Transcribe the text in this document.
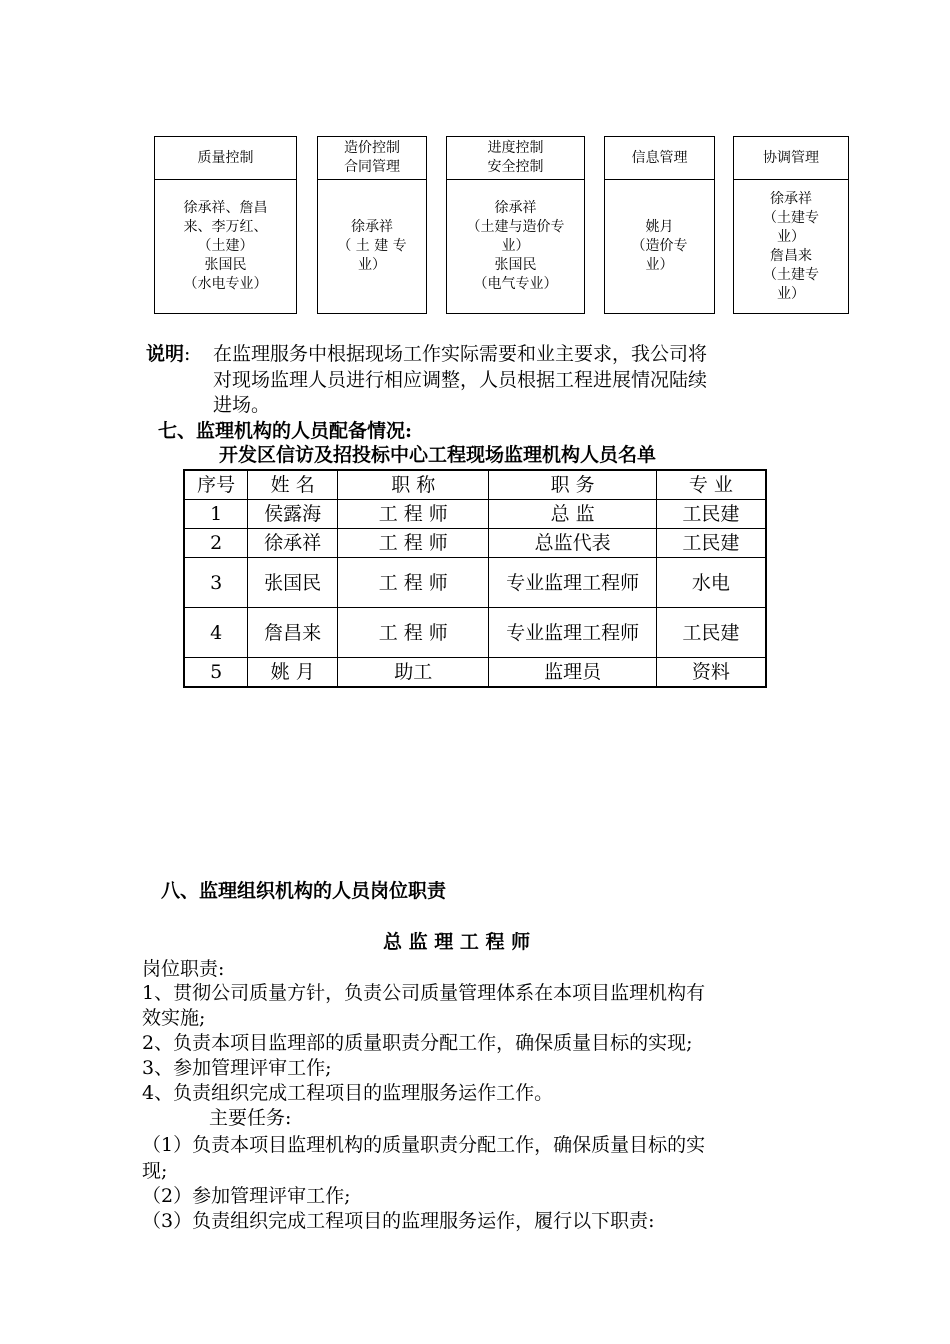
质量控制
徐承祥、詹昌
来、李万红、
（土建）
张国民
（水电专业）
造价控制
合同管理
徐承祥
（ 土 建 专
业）
进度控制
安全控制
徐承祥
（土建与造价专
业）
张国民
（电气专业）
信息管理
姚月
（造价专
业）
协调管理
徐承祥
（土建专
业）
詹昌来
（土建专
业）
说明: 在监理服务中根据现场工作实际需要和业主要求，我公司将
对现场监理人员进行相应调整，人员根据工程进展情况陆续
进场。
七、监理机构的人员配备情况:
开发区信访及招投标中心工程现场监理机构人员名单
序号	姓 名	职 称	职 务	专 业
1	侯露海	工 程 师	总 监	工民建
2	徐承祥	工 程 师	总监代表	工民建
3	张国民	工 程 师	专业监理工程师	水电
4	詹昌来	工 程 师	专业监理工程师	工民建
5	姚 月	助工	监理员	资料
八、监理组织机构的人员岗位职责
总 监 理 工 程 师
岗位职责:
1、贯彻公司质量方针，负责公司质量管理体系在本项目监理机构有
效实施;
2、负责本项目监理部的质量职责分配工作，确保质量目标的实现;
3、参加管理评审工作;
4、负责组织完成工程项目的监理服务运作工作。
主要任务:
（1）负责本项目监理机构的质量职责分配工作，确保质量目标的实
现;
（2）参加管理评审工作;
（3）负责组织完成工程项目的监理服务运作，履行以下职责:
